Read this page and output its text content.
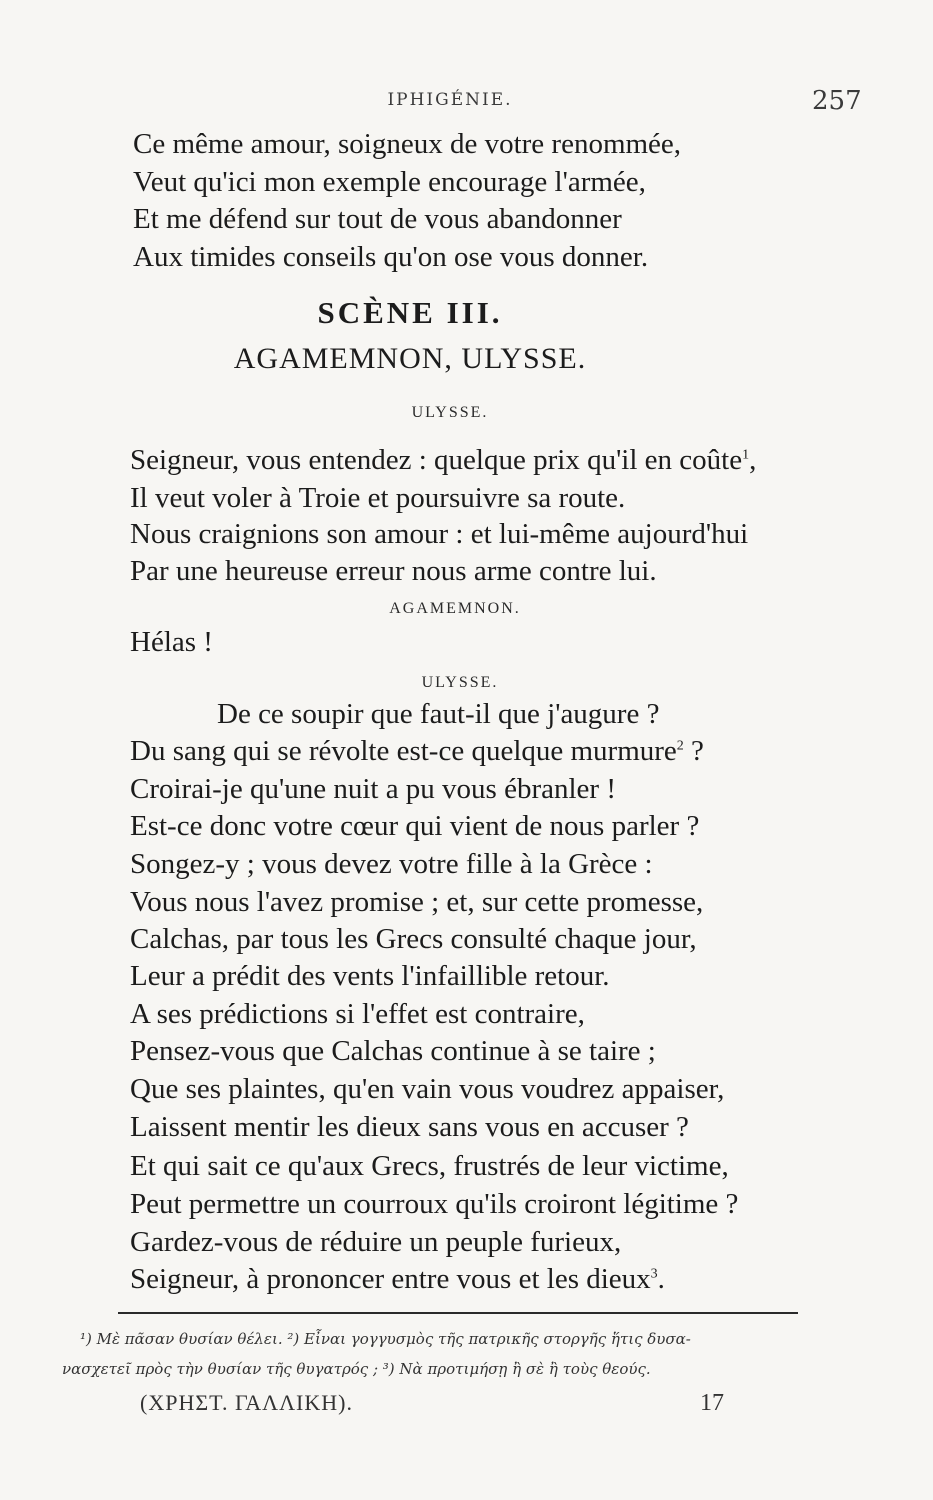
IPHIGÉNIE.	257
Ce même amour, soigneux de votre renommée,
Veut qu'ici mon exemple encourage l'armée,
Et me défend sur tout de vous abandonner
Aux timides conseils qu'on ose vous donner.
SCÈNE III.
AGAMEMNON, ULYSSE.
ULYSSE.
Seigneur, vous entendez : quelque prix qu'il en coûte$^1$,
Il veut voler à Troie et poursuivre sa route.
Nous craignions son amour : et lui-même aujourd'hui
Par une heureuse erreur nous arme contre lui.
AGAMEMNON.
Hélas !
ULYSSE.
De ce soupir que faut-il que j'augure ?
Du sang qui se révolte est-ce quelque murmure$^2$ ?
Croirai-je qu'une nuit a pu vous ébranler !
Est-ce donc votre cœur qui vient de nous parler ?
Songez-y ; vous devez votre fille à la Grèce :
Vous nous l'avez promise ; et, sur cette promesse,
Calchas, par tous les Grecs consulté chaque jour,
Leur a prédit des vents l'infaillible retour.
A ses prédictions si l'effet est contraire,
Pensez-vous que Calchas continue à se taire ;
Que ses plaintes, qu'en vain vous voudrez appaiser,
Laissent mentir les dieux sans vous en accuser ?
Et qui sait ce qu'aux Grecs, frustrés de leur victime,
Peut permettre un courroux qu'ils croiront légitime ?
Gardez-vous de réduire un peuple furieux,
Seigneur, à prononcer entre vous et les dieux$^3$.
¹) Μὲ πᾶσαν θυσίαν θέλει. ²) Εἶναι γογγυσμὸς τῆς πατρικῆς στοργῆς ἥτις δυσα-
νασχετεῖ πρὸς τὴν θυσίαν τῆς θυγατρός ; ³) Νὰ προτιμήσῃ ἢ σὲ ἢ τοὺς θεούς.
(ΧΡΗΣΤ. ΓΑΛΛΙΚΗ).	17
